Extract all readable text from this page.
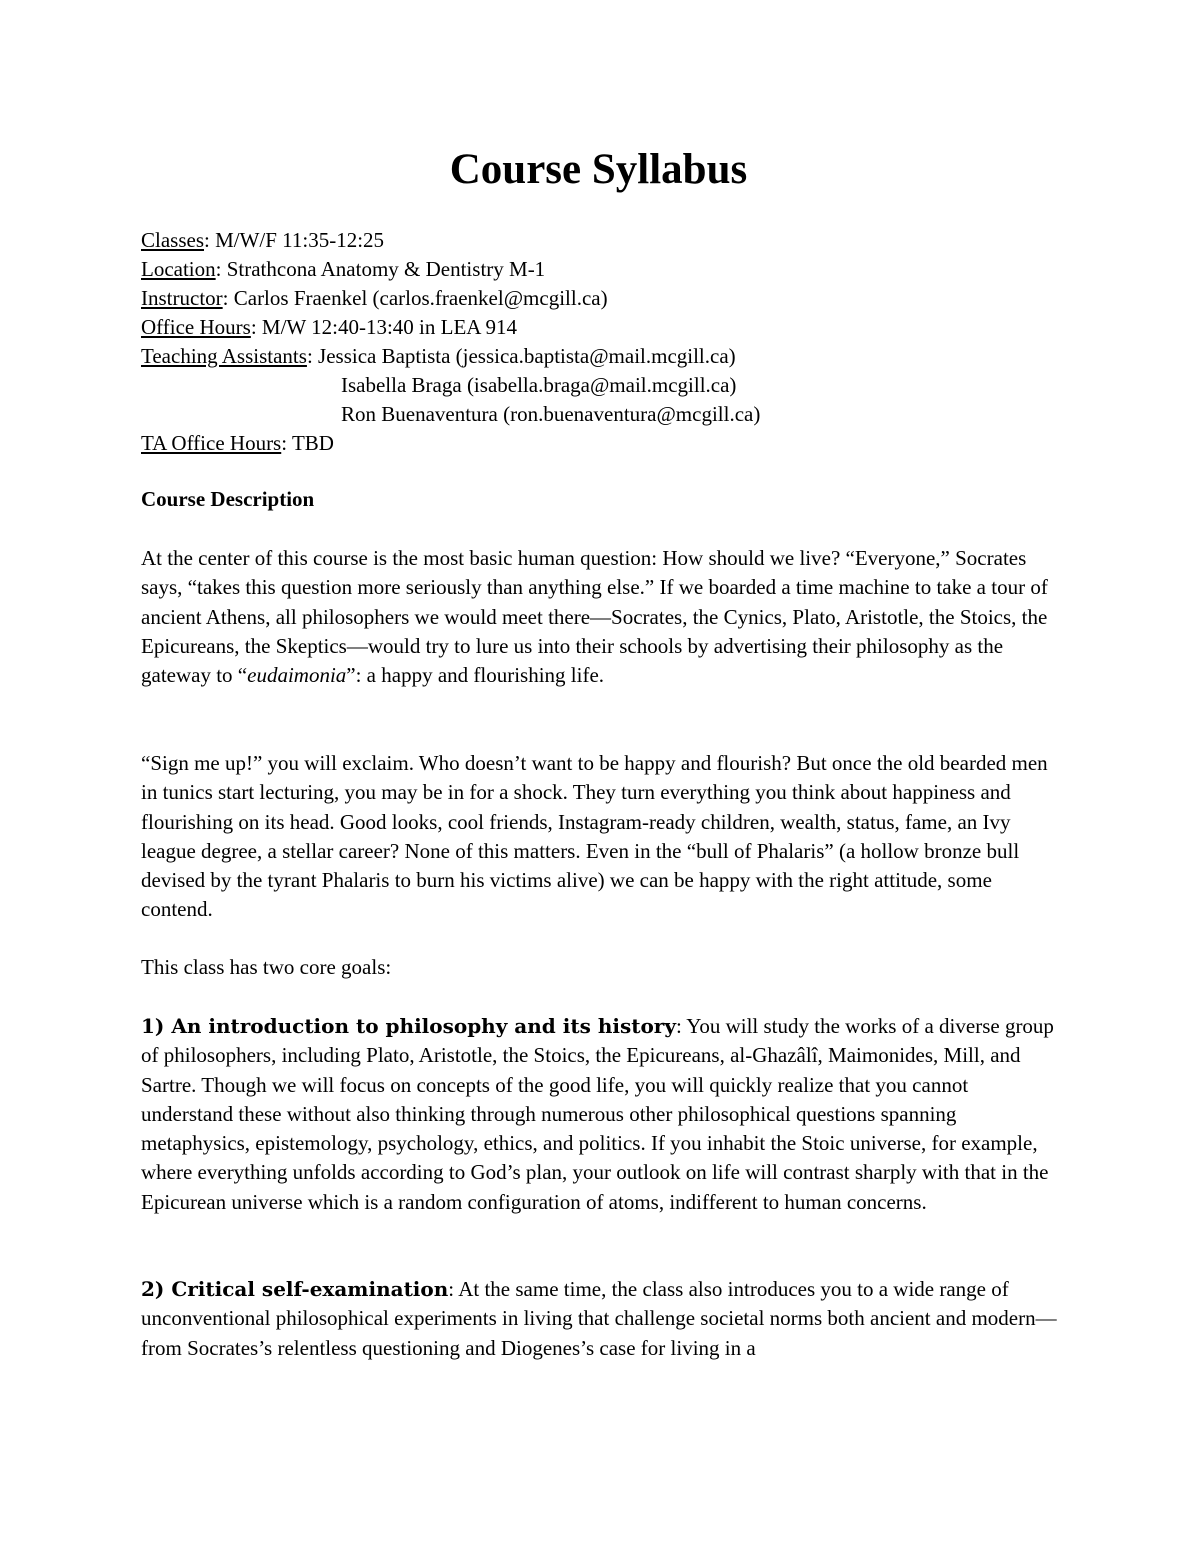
Course Syllabus
Classes: M/W/F 11:35-12:25
Location: Strathcona Anatomy & Dentistry M-1
Instructor: Carlos Fraenkel (carlos.fraenkel@mcgill.ca)
Office Hours: M/W 12:40-13:40 in LEA 914
Teaching Assistants: Jessica Baptista (jessica.baptista@mail.mcgill.ca)
Isabella Braga (isabella.braga@mail.mcgill.ca)
Ron Buenaventura (ron.buenaventura@mcgill.ca)
TA Office Hours: TBD
Course Description

At the center of this course is the most basic human question: How should we live? “Everyone,” Socrates says, “takes this question more seriously than anything else.” If we boarded a time machine to take a tour of ancient Athens, all philosophers we would meet there—Socrates, the Cynics, Plato, Aristotle, the Stoics, the Epicureans, the Skeptics—would try to lure us into their schools by advertising their philosophy as the gateway to “eudaimonia”: a happy and flourishing life.

“Sign me up!” you will exclaim. Who doesn’t want to be happy and flourish? But once the old bearded men in tunics start lecturing, you may be in for a shock. They turn everything you think about happiness and flourishing on its head. Good looks, cool friends, Instagram-ready children, wealth, status, fame, an Ivy league degree, a stellar career? None of this matters. Even in the “bull of Phalaris” (a hollow bronze bull devised by the tyrant Phalaris to burn his victims alive) we can be happy with the right attitude, some contend.

This class has two core goals:

1) An introduction to philosophy and its history: You will study the works of a diverse group of philosophers, including Plato, Aristotle, the Stoics, the Epicureans, al-Ghazâlî, Maimonides, Mill, and Sartre. Though we will focus on concepts of the good life, you will quickly realize that you cannot understand these without also thinking through numerous other philosophical questions spanning metaphysics, epistemology, psychology, ethics, and politics. If you inhabit the Stoic universe, for example, where everything unfolds according to God’s plan, your outlook on life will contrast sharply with that in the Epicurean universe which is a random configuration of atoms, indifferent to human concerns.

2) Critical self-examination: At the same time, the class also introduces you to a wide range of unconventional philosophical experiments in living that challenge societal norms both ancient and modern—from Socrates’s relentless questioning and Diogenes’s case for living in a
